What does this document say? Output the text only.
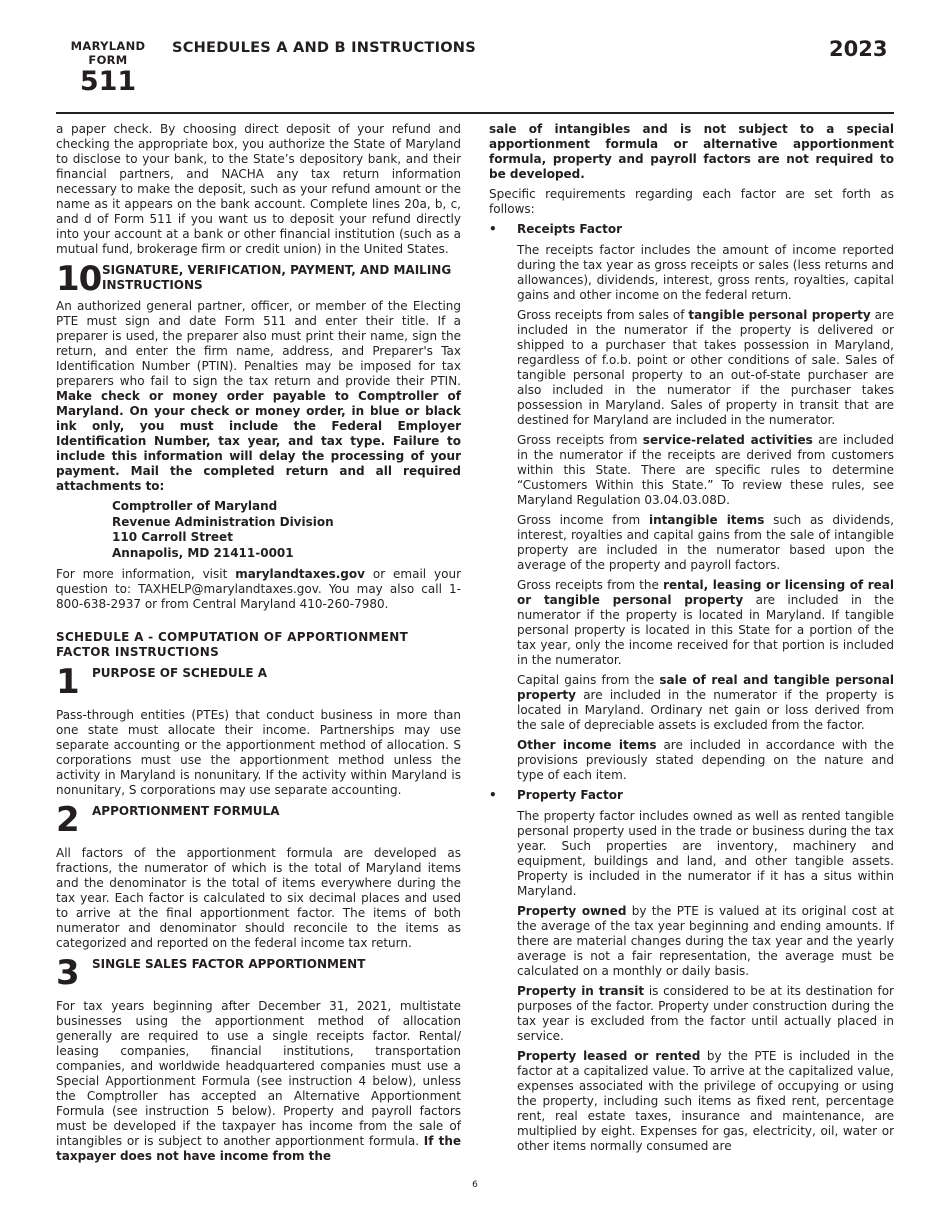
MARYLAND
FORM
511
SCHEDULES A AND B INSTRUCTIONS	2023

a paper check. By choosing direct deposit of your refund and checking the appropriate box, you authorize the State of Maryland to disclose to your bank, to the State’s depository bank, and their financial partners, and NACHA any tax return information necessary to make the deposit, such as your refund amount or the name as it appears on the bank account. Complete lines 20a, b, c, and d of Form 511 if you want us to deposit your refund directly into your account at a bank or other financial institution (such as a mutual fund, brokerage firm or credit union) in the United States.

10 SIGNATURE, VERIFICATION, PAYMENT, AND MAILING INSTRUCTIONS

An authorized general partner, officer, or member of the Electing PTE must sign and date Form 511 and enter their title. If a preparer is used, the preparer also must print their name, sign the return, and enter the firm name, address, and Preparer's Tax Identification Number (PTIN). Penalties may be imposed for tax preparers who fail to sign the tax return and provide their PTIN. Make check or money order payable to Comptroller of Maryland. On your check or money order, in blue or black ink only, you must include the Federal Employer Identification Number, tax year, and tax type. Failure to include this information will delay the processing of your payment. Mail the completed return and all required attachments to:

Comptroller of Maryland
Revenue Administration Division
110 Carroll Street
Annapolis, MD 21411-0001

For more information, visit marylandtaxes.gov or email your question to: TAXHELP@marylandtaxes.gov. You may also call 1-800-638-2937 or from Central Maryland 410-260-7980.

SCHEDULE A - COMPUTATION OF APPORTIONMENT FACTOR INSTRUCTIONS
1	PURPOSE OF SCHEDULE A

Pass-through entities (PTEs) that conduct business in more than one state must allocate their income. Partnerships may use separate accounting or the apportionment method of allocation. S corporations must use the apportionment method unless the activity in Maryland is nonunitary. If the activity within Maryland is nonunitary, S corporations may use separate accounting.

2	APPORTIONMENT FORMULA

All factors of the apportionment formula are developed as fractions, the numerator of which is the total of Maryland items and the denominator is the total of items everywhere during the tax year. Each factor is calculated to six decimal places and used to arrive at the final apportionment factor. The items of both numerator and denominator should reconcile to the items as categorized and reported on the federal income tax return.

3	SINGLE SALES FACTOR APPORTIONMENT

For tax years beginning after December 31, 2021, multistate businesses using the apportionment method of allocation generally are required to use a single receipts factor. Rental/ leasing companies, financial institutions, transportation companies, and worldwide headquartered companies must use a Special Apportionment Formula (see instruction 4 below), unless the Comptroller has accepted an Alternative Apportionment Formula (see instruction 5 below). Property and payroll factors must be developed if the taxpayer has income from the sale of intangibles or is subject to another apportionment formula. If the taxpayer does not have income from the

sale of intangibles and is not subject to a special apportionment formula or alternative apportionment formula, property and payroll factors are not required to be developed.

Specific requirements regarding each factor are set forth as follows:

•	Receipts Factor

The receipts factor includes the amount of income reported during the tax year as gross receipts or sales (less returns and allowances), dividends, interest, gross rents, royalties, capital gains and other income on the federal return.

Gross receipts from sales of tangible personal property are included in the numerator if the property is delivered or shipped to a purchaser that takes possession in Maryland, regardless of f.o.b. point or other conditions of sale. Sales of tangible personal property to an out-of-state purchaser are also included in the numerator if the purchaser takes possession in Maryland. Sales of property in transit that are destined for Maryland are included in the numerator.

Gross receipts from service-related activities are included in the numerator if the receipts are derived from customers within this State. There are specific rules to determine “Customers Within this State.” To review these rules, see Maryland Regulation 03.04.03.08D.

Gross income from intangible items such as dividends, interest, royalties and capital gains from the sale of intangible property are included in the numerator based upon the average of the property and payroll factors.

Gross receipts from the rental, leasing or licensing of real or tangible personal property are included in the numerator if the property is located in Maryland. If tangible personal property is located in this State for a portion of the tax year, only the income received for that portion is included in the numerator.

Capital gains from the sale of real and tangible personal property are included in the numerator if the property is located in Maryland. Ordinary net gain or loss derived from the sale of depreciable assets is excluded from the factor.

Other income items are included in accordance with the provisions previously stated depending on the nature and type of each item.

•	Property Factor

The property factor includes owned as well as rented tangible personal property used in the trade or business during the tax year. Such properties are inventory, machinery and equipment, buildings and land, and other tangible assets. Property is included in the numerator if it has a situs within Maryland.

Property owned by the PTE is valued at its original cost at the average of the tax year beginning and ending amounts. If there are material changes during the tax year and the yearly average is not a fair representation, the average must be calculated on a monthly or daily basis.

Property in transit is considered to be at its destination for purposes of the factor. Property under construction during the tax year is excluded from the factor until actually placed in service.

Property leased or rented by the PTE is included in the factor at a capitalized value. To arrive at the capitalized value, expenses associated with the privilege of occupying or using the property, including such items as fixed rent, percentage rent, real estate taxes, insurance and maintenance, are multiplied by eight. Expenses for gas, electricity, oil, water or other items normally consumed are

6
